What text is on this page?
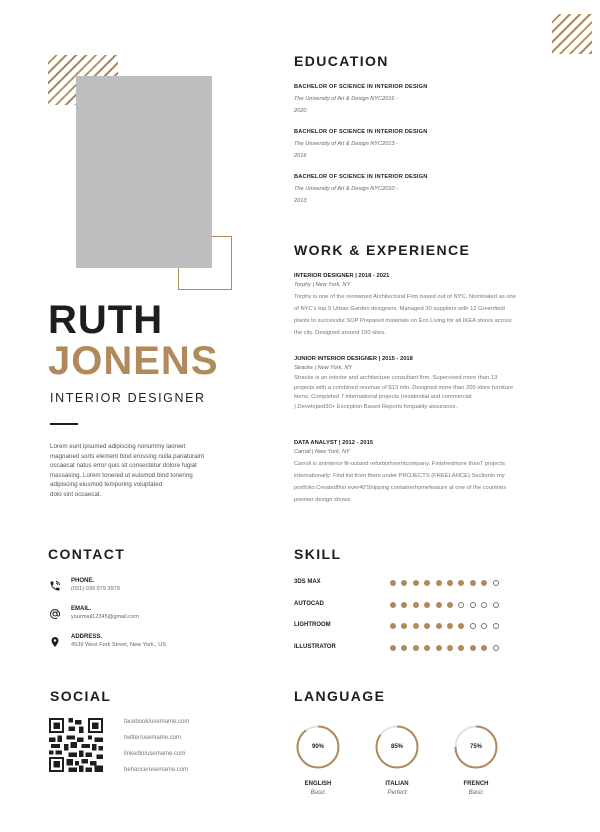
RUTH
JONENS
INTERIOR DESIGNER
Lorem eunt ipsumed adipiscing nonummy laoreet
magnaned sorts element bind erossing nulla pariaturaint
occaecat natus error quis sit consectetur dolore fugiat
massasing. Lorem tonered ut euismod bind tonering
adipiscing eiusmod temporing voluptated
dolo sint occaecat.
EDUCATION
BACHELOR OF SCIENCE IN INTERIOR DESIGN
The University of Art & Design NYC2016 -
2020
BACHELOR OF SCIENCE IN INTERIOR DESIGN
The University of Art & Design NYC2013 -
2016
BACHELOR OF SCIENCE IN INTERIOR DESIGN
The University of Art & Design NYC2010 -
2013
WORK & EXPERIENCE
INTERIOR DESIGNER | 2018 - 2021
Torphy | New York, NY
Torphy is one of the renowned Architectural Firm based out of NYC. Nominated as one
of NYC's top 9 Urban Garden designers. Managed 30 suppliers with 12 Greenfield
plants to successful SOP Prepared materials on Eco Living for all IKEA stores across
the city. Designed around 150 sites.
JUNIOR INTERIOR DESIGNER | 2015 - 2018
Stracke | New York, NY
Stracke is an interior and architecture consultant firm. Supervised more than 13
projects with a combined revenue of $13 mln. Designed more than 200 store furniture
items. Completed 7 international projects (residential and commercial
).Developed30+ Exception Based Reports forquality assurance.
DATA ANALYST | 2012 - 2015
Carroll | New York, NY
Carroll is aninterior fit-outand refurbishmentcompany. Finishedmore than7 projects
internationally: Find list from them under PROJECTS (FREELANCE) Sectionin my
portfolio.Createdfirst ever40'Shipping containerhomefeature at one of the countries
premier design shows.
CONTACT
PHONE.
(031) 039 079 3979
EMAIL.
yourmail12345@gmail.com
ADDRESS.
4539 West Fork Street, New York., US
SKILL
3DS MAX
AUTOCAD
LIGHTROOM
ILLUSTRATOR
SOCIAL
facebook/usemame.com
twitter/usemame.com
linkedin/usemame.com
behance/usemame.com
LANGUAGE
90%
ENGLISH
Basic
85%
ITALIAN
Perfect
75%
FRENCH
Basic
